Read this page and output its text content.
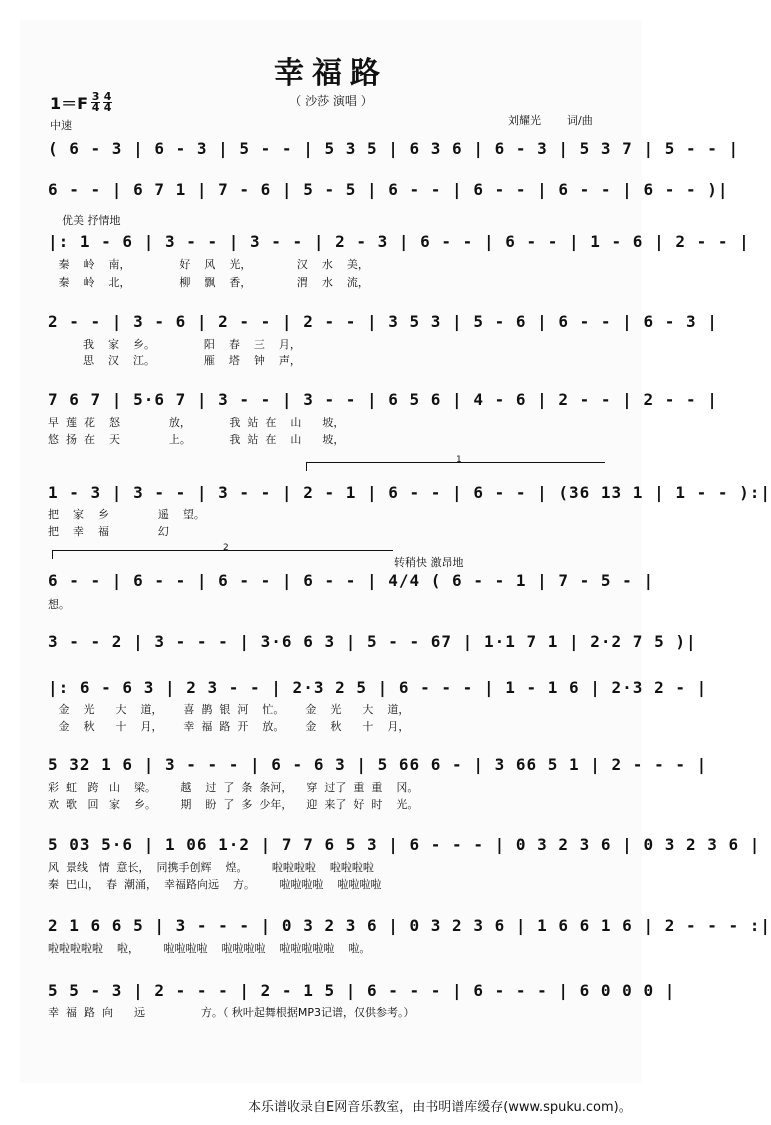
幸福路
（ 沙莎 演唱 ）
1＝F 3
4
4
4
中速	刘耀光 词/曲
优美 抒情地
转稍快 激昂地
1
2
( 6 - 3 | 6 - 3 | 5 - - | 5 3 5 | 6 3 6 | 6 - 3 | 5 3 7 | 5 - - |
6 - - | 6 7 1 | 7 - 6 | 5 - 5 | 6 - - | 6 - - | 6 - - | 6 - - )|
|: 1 - 6 | 3 - - | 3 - - | 2 - 3 | 6 - - | 6 - - | 1 - 6 | 2 - - |
秦    岭    南，              好    风    光，             汉    水    美，
秦    岭    北，              柳    飘    香，             渭    水    流，
2 - - | 3 - 6 | 2 - - | 2 - - | 3 5 3 | 5 - 6 | 6 - - | 6 - 3 |
我    家    乡。              阳    春    三    月，
思    汉    江。              雁    塔    钟    声，
7 6 7 | 5·6 7 | 3 - - | 3 - - | 6 5 6 | 4 - 6 | 2 - - | 2 - - |
早  莲  花    怒              放，           我  站  在    山      坡，
悠  扬  在    天              上。           我  站  在    山      坡，
1 - 3 | 3 - - | 3 - - | 2 - 1 | 6 - - | 6 - - | (36 13 1 | 1 - - ):|
把    家    乡              遥    望。
把    幸    福              幻
6 - - | 6 - - | 6 - - | 6 - - | 4/4 ( 6 - - 1 | 7 - 5 - |
想。
3 - - 2 | 3 - - - | 3·6 6 3 | 5 - - 67 | 1·1 7 1 | 2·2 7 5 )|
|: 6 - 6 3 | 2 3 - - | 2·3 2 5 | 6 - - - | 1 - 1 6 | 2·3 2 - |
金    光      大    道，      喜  鹊  银  河    忙。      金    光      大    道，
金    秋      十    月，      幸  福  路  开    放。      金    秋      十    月，
5 32 1 6 | 3 - - - | 6 - 6 3 | 5 66 6 - | 3 66 5 1 | 2 - - - |
彩  虹   跨   山    梁。       越    过  了  条  条河，    穿  过了  重  重    冈。
欢  歌   回   家    乡。       期    盼  了  多  少年，    迎  来了  好  时    光。
5 03 5·6 | 1 06 1·2 | 7 7 6 5 3 | 6 - - - | 0 3 2 3 6 | 0 3 2 3 6 |
风  景线   情  意长，  同携手创辉    煌。       啦啦啦啦    啦啦啦啦
秦  巴山，  春  潮涌，  幸福路向远    方。       啦啦啦啦    啦啦啦啦
2 1 6 6 5 | 3 - - - | 0 3 2 3 6 | 0 3 2 3 6 | 1 6 6 1 6 | 2 - - - :|
啦啦啦啦啦    啦，       啦啦啦啦    啦啦啦啦    啦啦啦啦啦    啦。
5 5 - 3 | 2 - - - | 2 - 1 5 | 6 - - - | 6 - - - | 6 0 0 0 |
幸  福  路  向      远                方。（ 秋叶起舞根据MP3记谱，仅供参考。）
本乐谱收录自E网音乐教室，由书明谱库缓存(www.spuku.com)。
